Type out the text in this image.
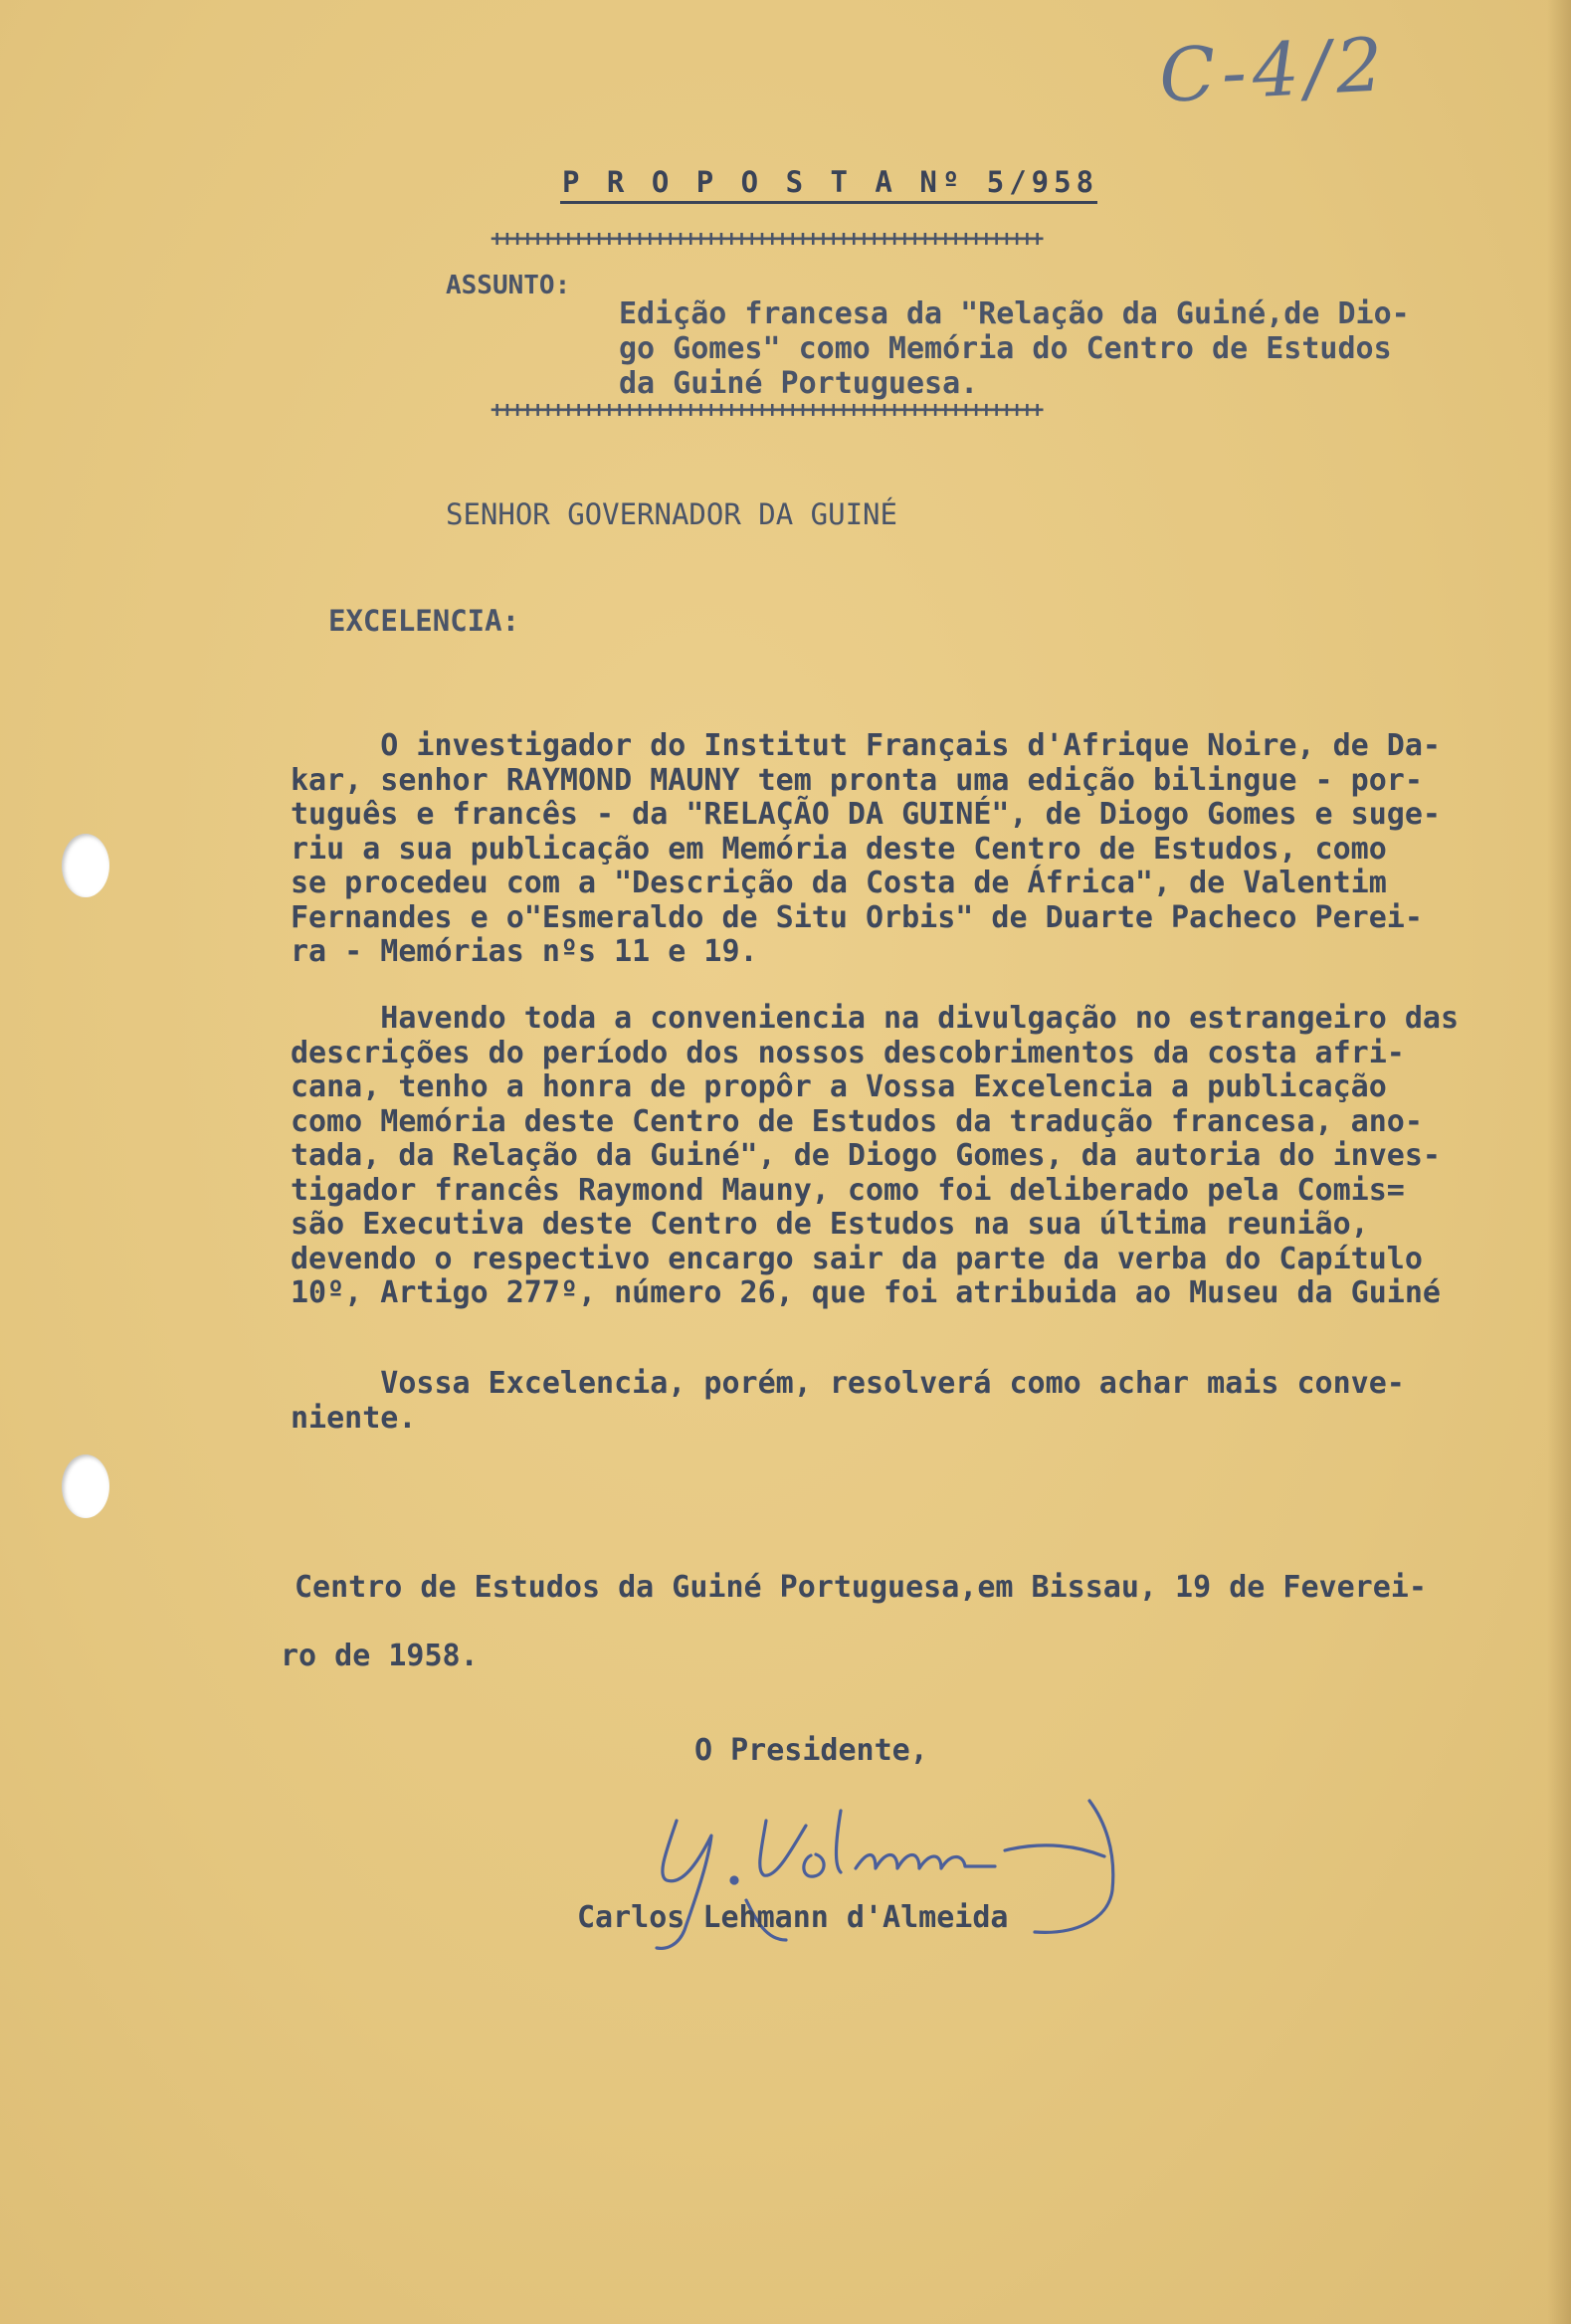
C-4/2
P R O P O S T A Nº 5/958
++++++++++++++++++++++++++++++++++++++++++++++++++++++
ASSUNTO:
Edição francesa da "Relação da Guiné,de Dio-
go Gomes" como Memória do Centro de Estudos
da Guiné Portuguesa.
++++++++++++++++++++++++++++++++++++++++++++++++++++++
SENHOR GOVERNADOR DA GUINÉ
EXCELENCIA:
O investigador do Institut Français d'Afrique Noire, de Da-
kar, senhor RAYMOND MAUNY tem pronta uma edição bilingue - por-
tuguês e francês - da "RELAÇÃO DA GUINÉ", de Diogo Gomes e suge-
riu a sua publicação em Memória deste Centro de Estudos, como
se procedeu com a "Descrição da Costa de África", de Valentim
Fernandes e o"Esmeraldo de Situ Orbis" de Duarte Pacheco Perei-
ra - Memórias nºs 11 e 19.
Havendo toda a conveniencia na divulgação no estrangeiro das
descrições do período dos nossos descobrimentos da costa afri-
cana, tenho a honra de propôr a Vossa Excelencia a publicação
como Memória deste Centro de Estudos da tradução francesa, ano-
tada, da Relação da Guiné", de Diogo Gomes, da autoria do inves-
tigador francês Raymond Mauny, como foi deliberado pela Comis=
são Executiva deste Centro de Estudos na sua última reunião,
devendo o respectivo encargo sair da parte da verba do Capítulo
10º, Artigo 277º, número 26, que foi atribuida ao Museu da Guiné
Vossa Excelencia, porém, resolverá como achar mais conve-
niente.
Centro de Estudos da Guiné Portuguesa,em Bissau, 19 de Feverei-
ro de 1958.
O Presidente,
Carlos Lehmann d'Almeida
